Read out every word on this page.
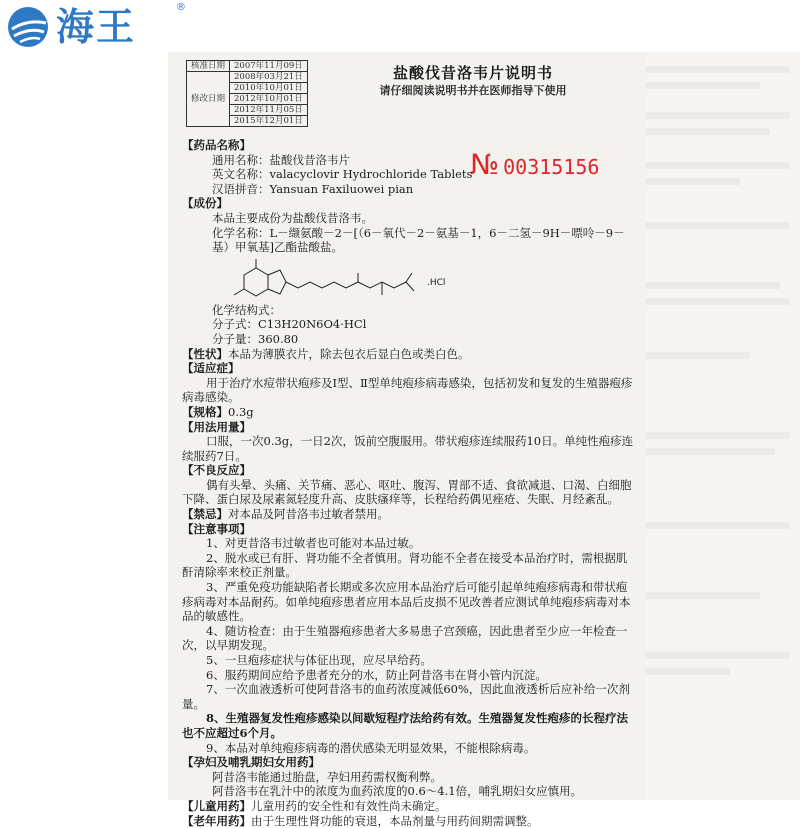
海王	®
核准日期	2007年11月09日
修改日期	2008年03月21日
	2010年10月01日
	2012年10月01日
	2012年11月05日
	2015年12月01日
盐酸伐昔洛韦片说明书
请仔细阅读说明书并在医师指导下使用
№ 00315156
【药品名称】
通用名称：盐酸伐昔洛韦片
英文名称：valacyclovir Hydrochloride Tablets
汉语拼音：Yansuan Faxiluowei pian
【成份】
本品主要成份为盐酸伐昔洛韦。
化学名称：L－缬氨酸－2－[（6－氧代－2－氨基－1，6－二氢－9H－嘌呤－9－基）甲氧基]乙酯盐酸盐。
.HCl
化学结构式：
分子式：C13H20N6O4·HCl
分子量：360.80
【性状】本品为薄膜衣片，除去包衣后显白色或类白色。
【适应症】
用于治疗水痘带状疱疹及Ⅰ型、Ⅱ型单纯疱疹病毒感染，包括初发和复发的生殖器疱疹病毒感染。
【规格】0.3g
【用法用量】
口服，一次0.3g，一日2次，饭前空腹服用。带状疱疹连续服药10日。单纯性疱疹连续服药7日。
【不良反应】
偶有头晕、头痛、关节痛、恶心、呕吐、腹泻、胃部不适、食欲减退、口渴、白细胞下降、蛋白尿及尿素氮轻度升高、皮肤瘙痒等，长程给药偶见痤疮、失眠、月经紊乱。
【禁忌】对本品及阿昔洛韦过敏者禁用。
【注意事项】
1、对更昔洛韦过敏者也可能对本品过敏。
2、脱水或已有肝、肾功能不全者慎用。肾功能不全者在接受本品治疗时，需根据肌酐清除率来校正剂量。
3、严重免疫功能缺陷者长期或多次应用本品治疗后可能引起单纯疱疹病毒和带状疱疹病毒对本品耐药。如单纯疱疹患者应用本品后皮损不见改善者应测试单纯疱疹病毒对本品的敏感性。
4、随访检查：由于生殖器疱疹患者大多易患子宫颈癌，因此患者至少应一年检查一次，以早期发现。
5、一旦疱疹症状与体征出现，应尽早给药。
6、服药期间应给予患者充分的水，防止阿昔洛韦在肾小管内沉淀。
7、一次血液透析可使阿昔洛韦的血药浓度减低60%，因此血液透析后应补给一次剂量。
8、生殖器复发性疱疹感染以间歇短程疗法给药有效。生殖器复发性疱疹的长程疗法也不应超过6个月。
9、本品对单纯疱疹病毒的潜伏感染无明显效果，不能根除病毒。
【孕妇及哺乳期妇女用药】
阿昔洛韦能通过胎盘，孕妇用药需权衡利弊。
阿昔洛韦在乳汁中的浓度为血药浓度的0.6～4.1倍，哺乳期妇女应慎用。
【儿童用药】儿童用药的安全性和有效性尚未确定。
【老年用药】由于生理性肾功能的衰退，本品剂量与用药间期需调整。
